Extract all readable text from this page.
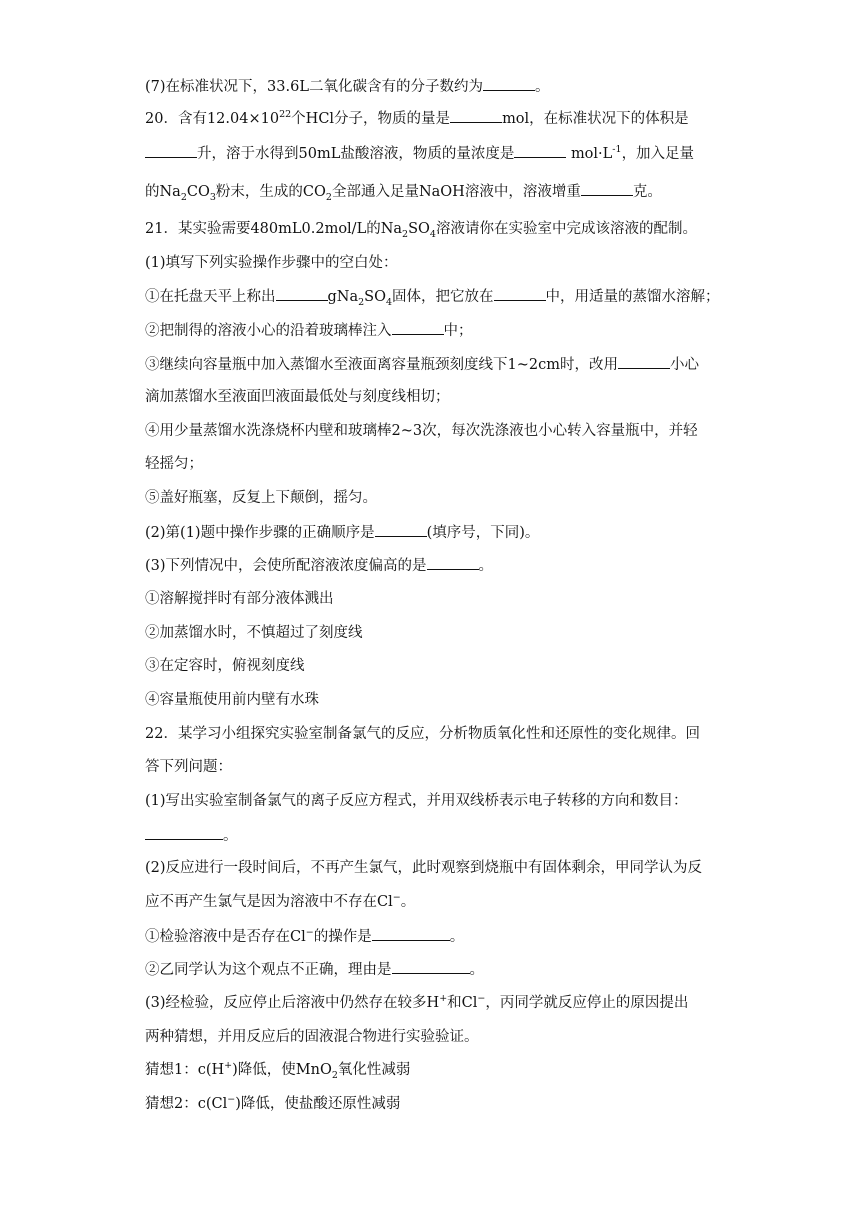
(7)在标准状况下，33.6L二氧化碳含有的分子数约为	。
20．含有$12.04\times 10^{22}$个HCl分子，物质的量是	mol，在标准状况下的体积是
升，溶于水得到50mL盐酸溶液，物质的量浓度是	$mol\cdot L^{-1}$，加入足量
的$Na_2CO_3$粉末，生成的$CO_2$全部通入足量NaOH溶液中，溶液增重	克。
21．某实验需要480mL0.2mol/L的$Na_2SO_4$溶液请你在实验室中完成该溶液的配制。
(1)填写下列实验操作步骤中的空白处：
①在托盘天平上称出	$gNa_2SO_4$固体，把它放在	中，用适量的蒸馏水溶解；
②把制得的溶液小心的沿着玻璃棒注入	中；
③继续向容量瓶中加入蒸馏水至液面离容量瓶颈刻度线下1~2cm时，改用	小心
滴加蒸馏水至液面凹液面最低处与刻度线相切；
④用少量蒸馏水洗涤烧杯内壁和玻璃棒2~3次，每次洗涤液也小心转入容量瓶中，并轻
轻摇匀；
⑤盖好瓶塞，反复上下颠倒，摇匀。
(2)第(1)题中操作步骤的正确顺序是	(填序号，下同)。
(3)下列情况中，会使所配溶液浓度偏高的是	。
①溶解搅拌时有部分液体溅出
②加蒸馏水时，不慎超过了刻度线
③在定容时，俯视刻度线
④容量瓶使用前内壁有水珠
22．某学习小组探究实验室制备氯气的反应，分析物质氧化性和还原性的变化规律。回
答下列问题：
(1)写出实验室制备氯气的离子反应方程式，并用双线桥表示电子转移的方向和数目：
。
(2)反应进行一段时间后，不再产生氯气，此时观察到烧瓶中有固体剩余，甲同学认为反
应不再产生氯气是因为溶液中不存在Cl−。
①检验溶液中是否存在Cl−的操作是	。
②乙同学认为这个观点不正确，理由是	。
(3)经检验，反应停止后溶液中仍然存在较多H+和Cl−，丙同学就反应停止的原因提出
两种猜想，并用反应后的固液混合物进行实验验证。
猜想1：c(H+)降低，使MnO$_2$氧化性减弱
猜想2：c(Cl−)降低，使盐酸还原性减弱
